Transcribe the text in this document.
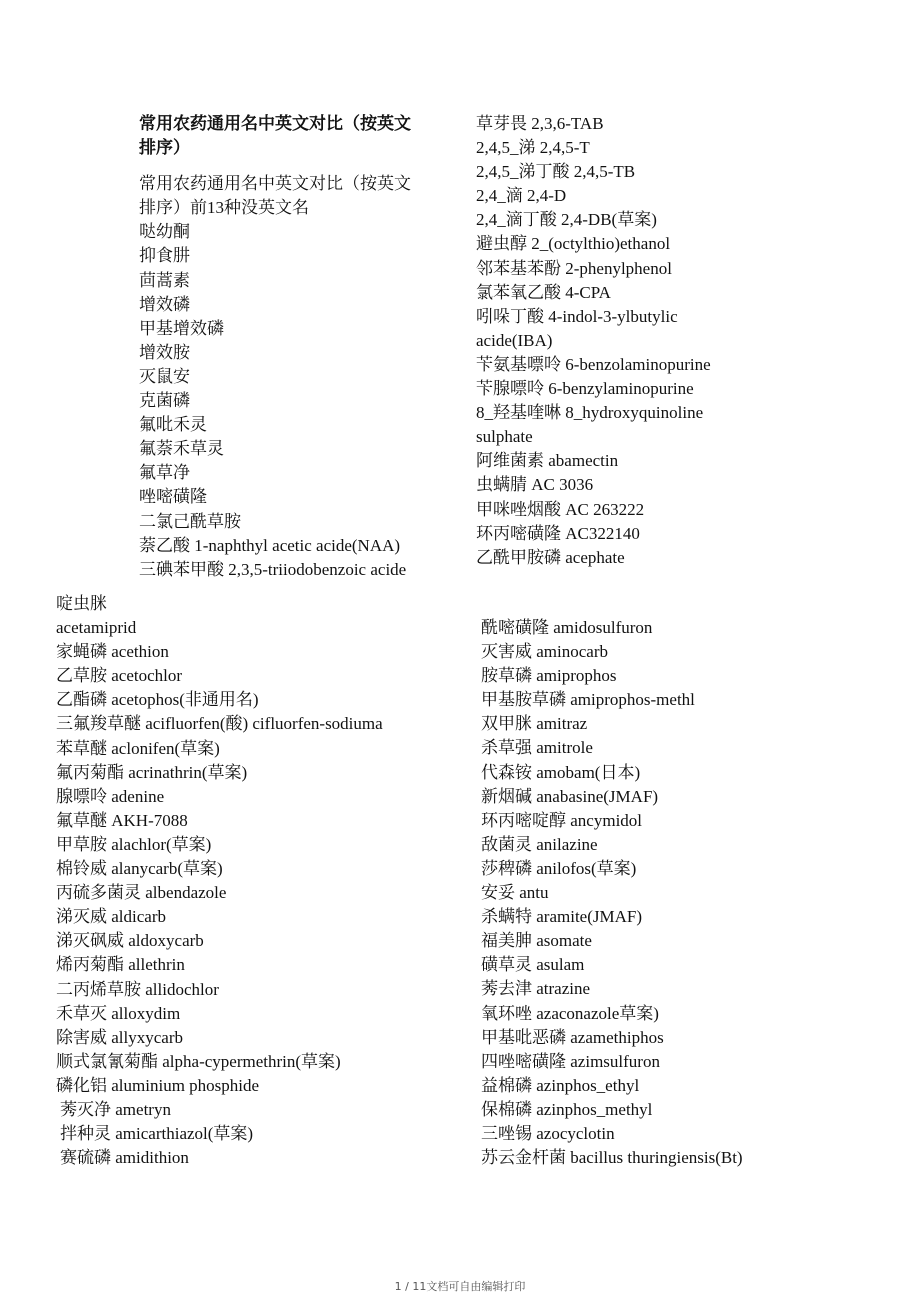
常用农药通用名中英文对比（按英文
排序）
常用农药通用名中英文对比（按英文
排序）前13种没英文名
哒幼酮
抑食肼
茴蒿素
增效磷
甲基增效磷
增效胺
灭鼠安
克菌磷
氟吡禾灵
氟萘禾草灵
氟草净
唑嘧磺隆
二氯己酰草胺
萘乙酸 1-naphthyl acetic acide(NAA)
三碘苯甲酸 2,3,5-triiodobenzoic acide
草芽畏 2,3,6-TAB
2,4,5_涕 2,4,5-T
2,4,5_涕丁酸 2,4,5-TB
2,4_滴 2,4-D
2,4_滴丁酸 2,4-DB(草案)
避虫醇 2_(octylthio)ethanol
邻苯基苯酚 2-phenylphenol
氯苯氧乙酸 4-CPA
吲哚丁酸 4-indol-3-ylbutylic
acide(IBA)
苄氨基嘌呤 6-benzolaminopurine
苄腺嘌呤 6-benzylaminopurine
8_羟基喹啉 8_hydroxyquinoline
sulphate
阿维菌素 abamectin
虫螨腈 AC 3036
甲咪唑烟酸 AC 263222
环丙嘧磺隆 AC322140
乙酰甲胺磷 acephate
啶虫脒
acetamiprid
家蝇磷 acethion
乙草胺 acetochlor
乙酯磷 acetophos(非通用名)
三氟羧草醚 acifluorfen(酸) cifluorfen-sodiuma
苯草醚 aclonifen(草案)
氟丙菊酯 acrinathrin(草案)
腺嘌呤 adenine
氟草醚 AKH-7088
甲草胺 alachlor(草案)
棉铃威 alanycarb(草案)
丙硫多菌灵 albendazole
涕灭威 aldicarb
涕灭砜威 aldoxycarb
烯丙菊酯 allethrin
二丙烯草胺 allidochlor
禾草灭 alloxydim
除害威 allyxycarb
顺式氯氰菊酯 alpha-cypermethrin(草案)
磷化铝 aluminium phosphide
莠灭净 ametryn
拌种灵 amicarthiazol(草案)
赛硫磷 amidithion
酰嘧磺隆 amidosulfuron
灭害威 aminocarb
胺草磷 amiprophos
甲基胺草磷 amiprophos-methl
双甲脒 amitraz
杀草强 amitrole
代森铵 amobam(日本)
新烟碱 anabasine(JMAF)
环丙嘧啶醇 ancymidol
敌菌灵 anilazine
莎稗磷 anilofos(草案)
安妥 antu
杀螨特 aramite(JMAF)
福美胂 asomate
磺草灵 asulam
莠去津 atrazine
氧环唑 azaconazole草案)
甲基吡恶磷 azamethiphos
四唑嘧磺隆 azimsulfuron
益棉磷 azinphos_ethyl
保棉磷 azinphos_methyl
三唑锡 azocyclotin
苏云金杆菌 bacillus thuringiensis(Bt)
1 / 11文档可自由编辑打印
